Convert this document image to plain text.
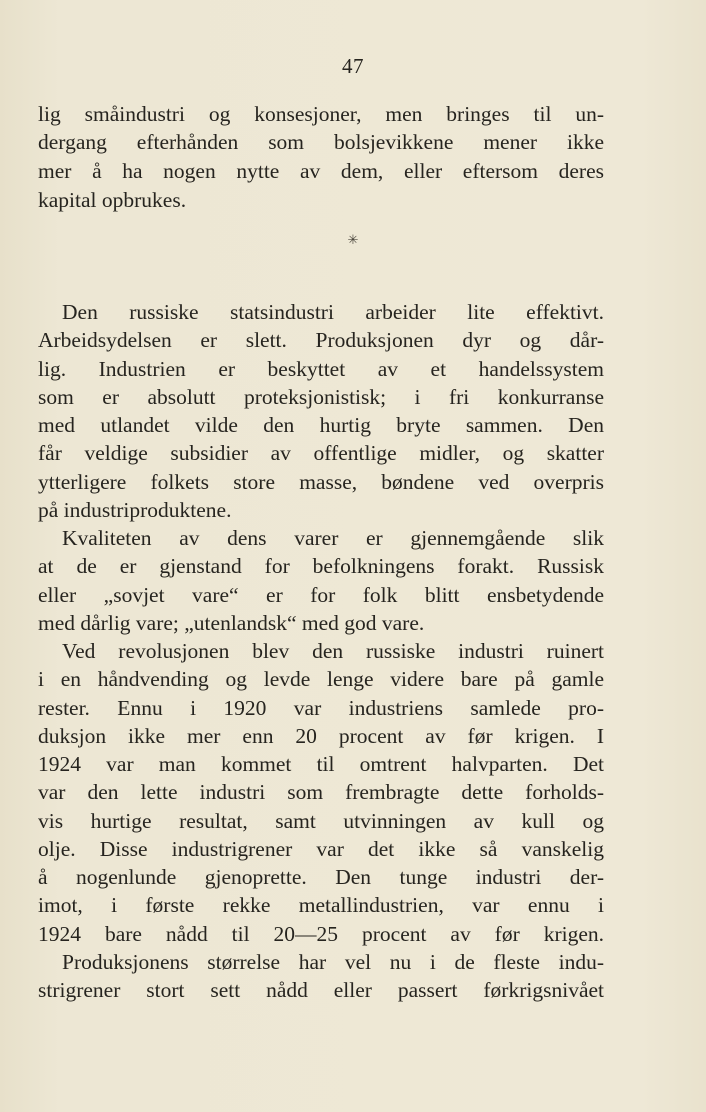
47
lig småindustri og konsesjoner, men bringes til un-
dergang efterhånden som bolsjevikkene mener ikke
mer å ha nogen nytte av dem, eller eftersom deres
kapital opbrukes.
✳
Den russiske statsindustri arbeider lite effektivt.
Arbeidsydelsen er slett. Produksjonen dyr og dår-
lig. Industrien er beskyttet av et handelssystem
som er absolutt proteksjonistisk; i fri konkurranse
med utlandet vilde den hurtig bryte sammen. Den
får veldige subsidier av offentlige midler, og skatter
ytterligere folkets store masse, bøndene ved overpris
på industriproduktene.
Kvaliteten av dens varer er gjennemgående slik
at de er gjenstand for befolkningens forakt. Russisk
eller „sovjet vare“ er for folk blitt ensbetydende
med dårlig vare; „utenlandsk“ med god vare.
Ved revolusjonen blev den russiske industri ruinert
i en håndvending og levde lenge videre bare på gamle
rester. Ennu i 1920 var industriens samlede pro-
duksjon ikke mer enn 20 procent av før krigen. I
1924 var man kommet til omtrent halvparten. Det
var den lette industri som frembragte dette forholds-
vis hurtige resultat, samt utvinningen av kull og
olje. Disse industrigrener var det ikke så vanskelig
å nogenlunde gjenoprette. Den tunge industri der-
imot, i første rekke metallindustrien, var ennu i
1924 bare nådd til 20—25 procent av før krigen.
Produksjonens størrelse har vel nu i de fleste indu-
strigrener stort sett nådd eller passert førkrigsnivået
